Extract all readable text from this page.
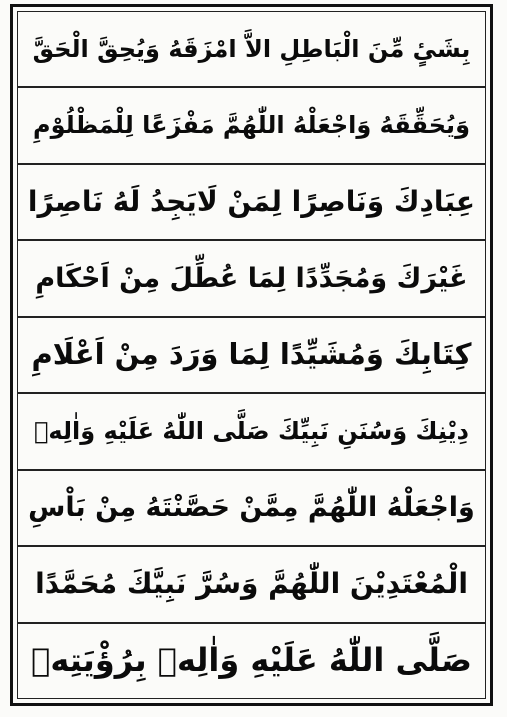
بِشَیٍٔ مِّنَ الْبَاطِلِ الاَّ امْزَقَهُ وَیُحِقَّ الْحَقَّ
وَیُحَقِّقَهُ وَاجْعَلْهُ اللّٰھُمَّ مَفْزَعًا لِلْمَظْلُوْمِ
عِبَادِكَ وَنَاصِرًا لِمَنْ لَایَجِدُ لَهُ نَاصِرًا
غَیْرَكَ وَمُجَدِّدًا لِمَا عُطِّلَ مِنْ اَحْكَامِ
كِتَابِكَ وَمُشَیِّدًا لِمَا وَرَدَ مِنْ اَعْلَامِ
دِیْنِكَ وَسُنَنِ نَبِیِّكَ صَلَّى اللّٰهُ عَلَیْهِ وَاٰلِهٖ
وَاجْعَلْهُ اللّٰھُمَّ مِمَّنْ حَصَّنْتَهُ مِنْ بَاْسِ
الْمُعْتَدِیْنَ اللّٰھُمَّ وَسُرَّ نَبِیَّكَ مُحَمَّدًا
صَلَّى اللّٰهُ عَلَیْهِ وَاٰلِهٖ بِرُؤْیَتِهٖ
